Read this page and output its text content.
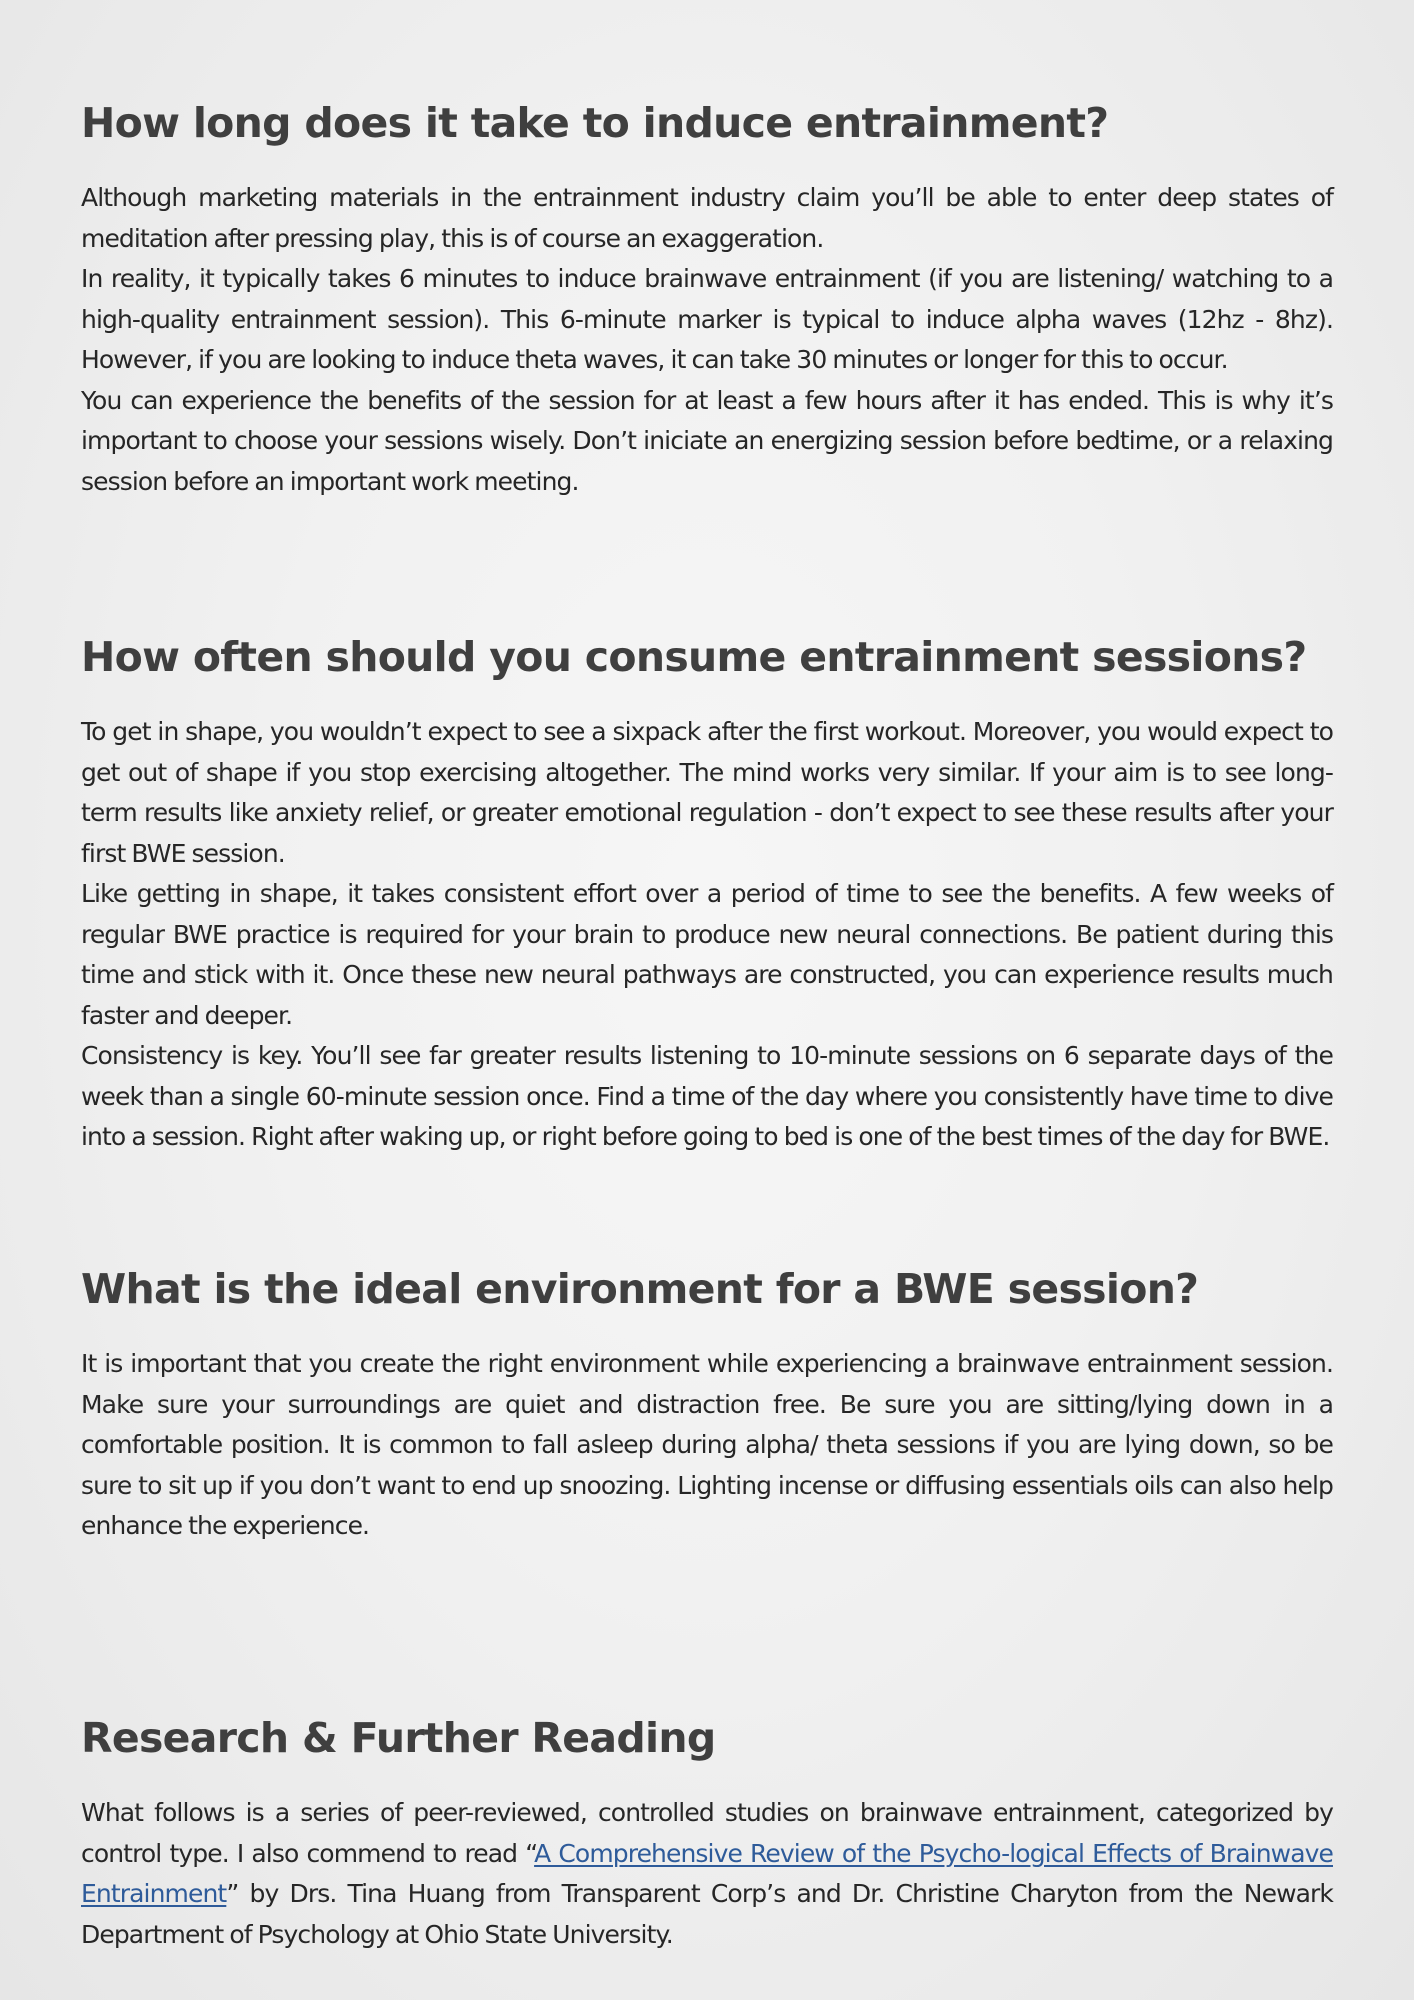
How long does it take to induce entrainment?

Although marketing materials in the entrainment industry claim you’ll be able to enter deep states of meditation after pressing play, this is of course an exaggeration.

In reality, it typically takes 6 minutes to induce brainwave entrainment (if you are listening/ watching to a high-quality entrainment session). This 6-minute marker is typical to induce alpha waves (12hz - 8hz). However, if you are looking to induce theta waves, it can take 30 minutes or longer for this to occur.

You can experience the benefits of the session for at least a few hours after it has ended. This is why it’s important to choose your sessions wisely. Don’t iniciate an energizing session before bedtime, or a relaxing session before an important work meeting.

How often should you consume entrainment sessions?

To get in shape, you wouldn’t expect to see a sixpack after the first workout. Moreover, you would expect to get out of shape if you stop exercising altogether. The mind works very similar. If your aim is to see long-term results like anxiety relief, or greater emotional regulation - don’t expect to see these results after your first BWE session.

Like getting in shape, it takes consistent effort over a period of time to see the benefits. A few weeks of regular BWE practice is required for your brain to produce new neural connections. Be patient during this time and stick with it. Once these new neural pathways are constructed, you can experience results much faster and deeper.

Consistency is key. You’ll see far greater results listening to 10-minute sessions on 6 separate days of the week than a single 60-minute session once. Find a time of the day where you consistently have time to dive into a session. Right after waking up, or right before going to bed is one of the best times of the day for BWE.

What is the ideal environment for a BWE session?

It is important that you create the right environment while experiencing a brainwave entrainment session. Make sure your surroundings are quiet and distraction free. Be sure you are sitting/lying down in a comfortable position. It is common to fall asleep during alpha/ theta sessions if you are lying down, so be sure to sit up if you don’t want to end up snoozing. Lighting incense or diffusing essentials oils can also help enhance the experience.

Research & Further Reading

What follows is a series of peer-reviewed, controlled studies on brainwave entrainment, categorized by control type. I also commend to read “A Comprehensive Review of the Psycho-logical Effects of Brainwave Entrainment” by Drs. Tina Huang from Transparent Corp’s and Dr. Christine Charyton from the Newark Department of Psychology at Ohio State University.
